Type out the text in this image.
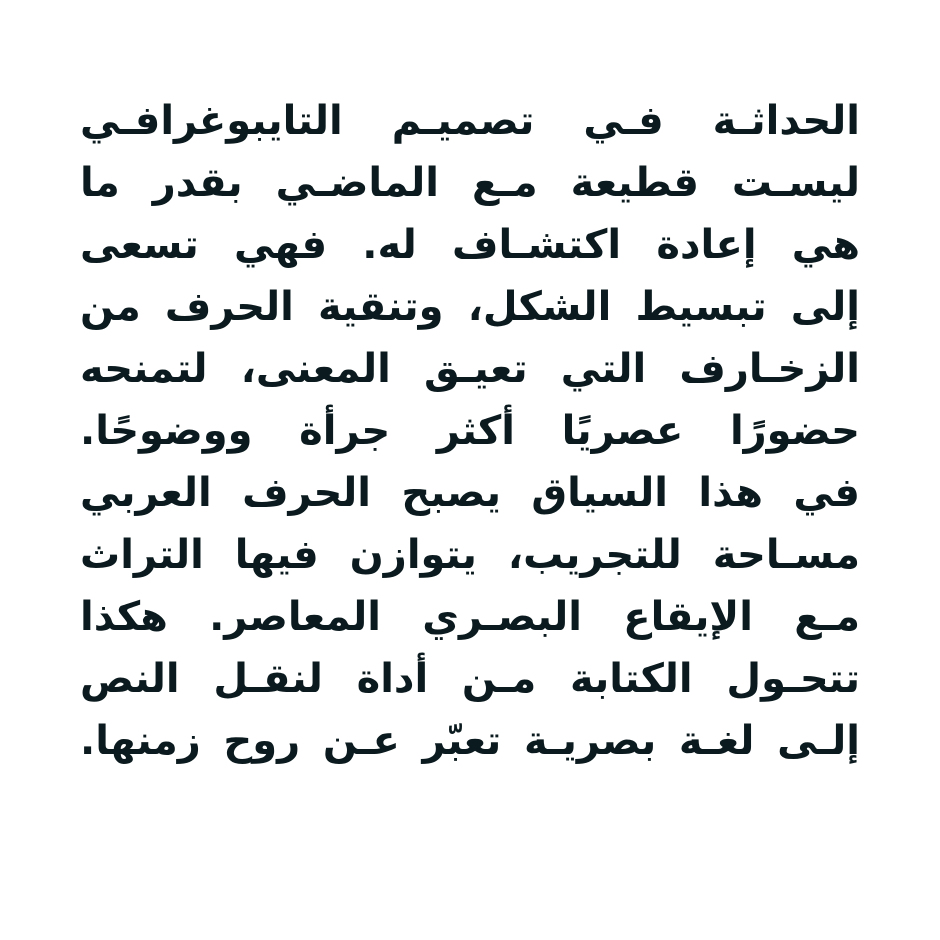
الحداثـة فـي تصميـم التايبوغرافـي
ليسـت قطيعة مـع الماضـي بقدر ما
هي إعادة اكتشـاف له. فهي تسعى
إلى تبسيط الشكل، وتنقية الحرف من
الزخـارف التي تعيـق المعنى، لتمنحه
حضورًا عصريًا أكثر جرأة ووضوحًا.
في هذا السياق يصبح الحرف العربي
مسـاحة للتجريب، يتوازن فيها التراث
مـع الإيقاع البصـري المعاصر. هكذا
تتحـول الكتابة مـن أداة لنقـل النص
إلـى لغـة بصريـة تعبّر عـن روح زمنها.
